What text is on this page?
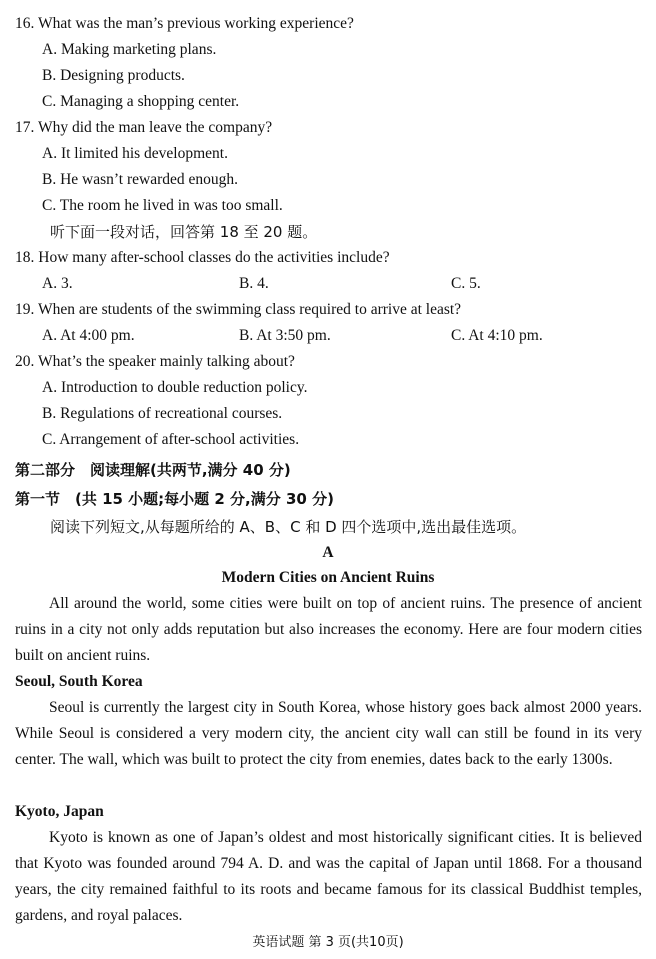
16. What was the man’s previous working experience?
A. Making marketing plans.
B. Designing products.
C. Managing a shopping center.
17. Why did the man leave the company?
A. It limited his development.
B. He wasn’t rewarded enough.
C. The room he lived in was too small.
听下面一段对话，回答第 18 至 20 题。
18. How many after-school classes do the activities include?
A. 3.	B. 4.	C. 5.
19. When are students of the swimming class required to arrive at least?
A. At 4:00 pm.	B. At 3:50 pm.	C. At 4:10 pm.
20. What’s the speaker mainly talking about?
A. Introduction to double reduction policy.
B. Regulations of recreational courses.
C. Arrangement of after-school activities.
第二部分　阅读理解(共两节,满分 40 分)
第一节　(共 15 小题;每小题 2 分,满分 30 分)
阅读下列短文,从每题所给的 A、B、C 和 D 四个选项中,选出最佳选项。
A
Modern Cities on Ancient Ruins

All around the world, some cities were built on top of ancient ruins. The presence of ancient ruins in a city not only adds reputation but also increases the economy. Here are four modern cities built on ancient ruins.

Seoul, South Korea

Seoul is currently the largest city in South Korea, whose history goes back almost 2000 years. While Seoul is considered a very modern city, the ancient city wall can still be found in its very center. The wall, which was built to protect the city from enemies, dates back to the early 1300s.

Kyoto, Japan

Kyoto is known as one of Japan’s oldest and most historically significant cities. It is believed that Kyoto was founded around 794 A. D. and was the capital of Japan until 1868. For a thousand years, the city remained faithful to its roots and became famous for its classical Buddhist temples, gardens, and royal palaces.

英语试题 第 3 页(共10页)
